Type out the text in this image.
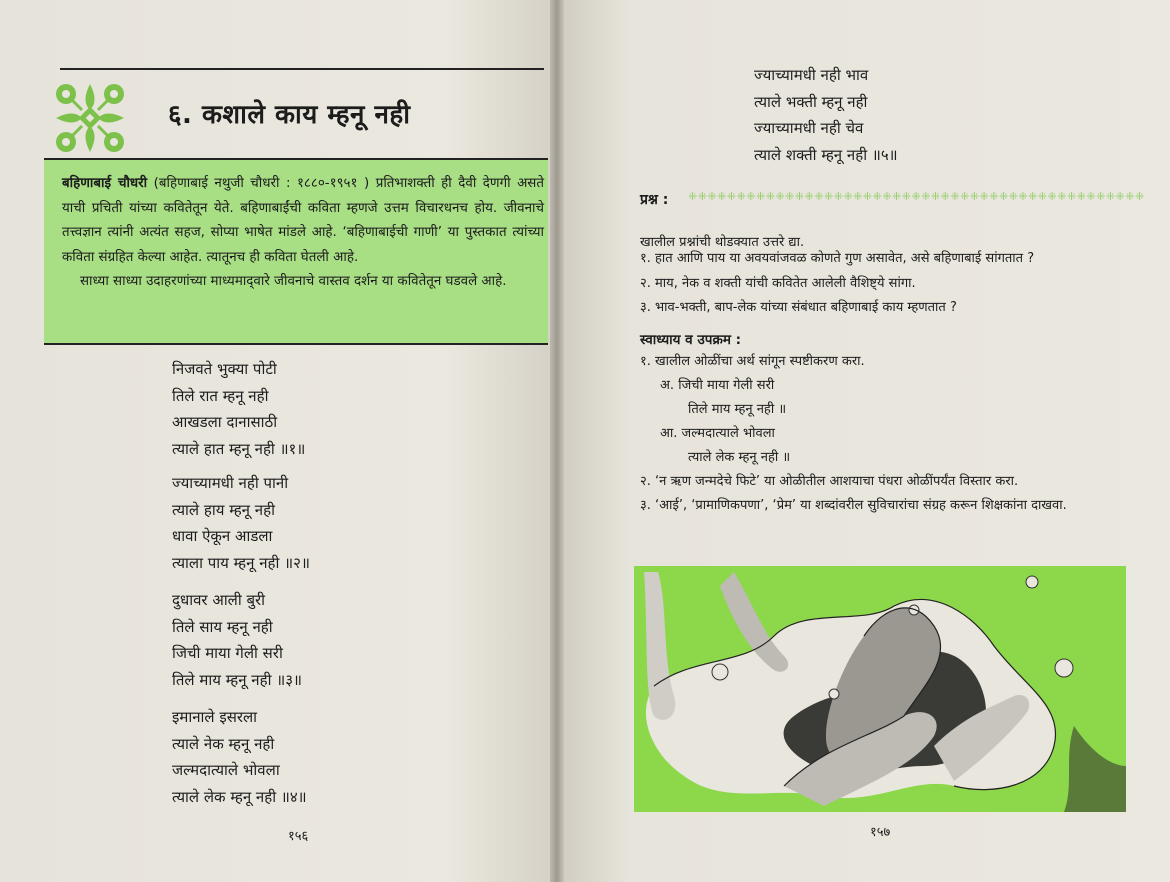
६. कशाले काय म्हनू नही
बहिणाबाई चौधरी (बहिणाबाई नथुजी चौधरी : १८८०-१९५१ ) प्रतिभाशक्ती ही दैवी देणगी असते याची प्रचिती यांच्या कवितेतून येते. बहिणाबाईंची कविता म्हणजे उत्तम विचारधनच होय. जीवनाचे तत्त्वज्ञान त्यांनी अत्यंत सहज, सोप्या भाषेत मांडले आहे. ‘बहिणाबाईची गाणी’ या पुस्तकात त्यांच्या कविता संग्रहित केल्या आहेत. त्यातूनच ही कविता घेतली आहे.
साध्या साध्या उदाहरणांच्या माध्यमाद्‌वारे जीवनाचे वास्तव दर्शन या कवितेतून घडवले आहे.
निजवते भुक्या पोटी
तिले रात म्हनू नही
आखडला दानासाठी
त्याले हात म्हनू नही ॥१॥
ज्याच्यामधी नही पानी
त्याले हाय म्हनू नही
धावा ऐकून आडला
त्याला पाय म्हनू नही ॥२॥
दुधावर आली बुरी
तिले साय म्हनू नही
जिची माया गेली सरी
तिले माय म्हनू नही ॥३॥
इमानाले इसरला
त्याले नेक म्हनू नही
जल्मदात्याले भोवला
त्याले लेक म्हनू नही ॥४॥
१५६
ज्याच्यामधी नही भाव
त्याले भक्ती म्हनू नही
ज्याच्यामधी नही चेव
त्याले शक्ती म्हनू नही ॥५॥
प्रश्न : ⁜⁜⁜⁜⁜⁜⁜⁜⁜⁜⁜⁜⁜⁜⁜⁜⁜⁜⁜⁜⁜⁜⁜⁜⁜⁜⁜⁜⁜⁜⁜⁜⁜⁜⁜⁜⁜⁜⁜⁜⁜⁜⁜⁜⁜⁜⁜
खालील प्रश्नांची थोडक्यात उत्तरे द्या.
१. हात आणि पाय या अवयवांजवळ कोणते गुण असावेत, असे बहिणाबाई सांगतात ?
२. माय, नेक व शक्ती यांची कवितेत आलेली वैशिष्ट्ये सांगा.
३. भाव-भक्ती, बाप-लेक यांच्या संबंधात बहिणाबाई काय म्हणतात ?
स्वाध्याय व उपक्रम :
१. खालील ओळींचा अर्थ सांगून स्पष्टीकरण करा.
अ. जिची माया गेली सरी
तिले माय म्हनू नही ॥
आ. जल्मदात्याले भोवला
त्याले लेक म्हनू नही ॥
२. ‘न ऋण जन्मदेचे फिटे’ या ओळीतील आशयाचा पंधरा ओळींपर्यंत विस्तार करा.
३. ‘आई’, ‘प्रामाणिकपणा’, ‘प्रेम’ या शब्दांवरील सुविचारांचा संग्रह करून शिक्षकांना दाखवा.
१५७
